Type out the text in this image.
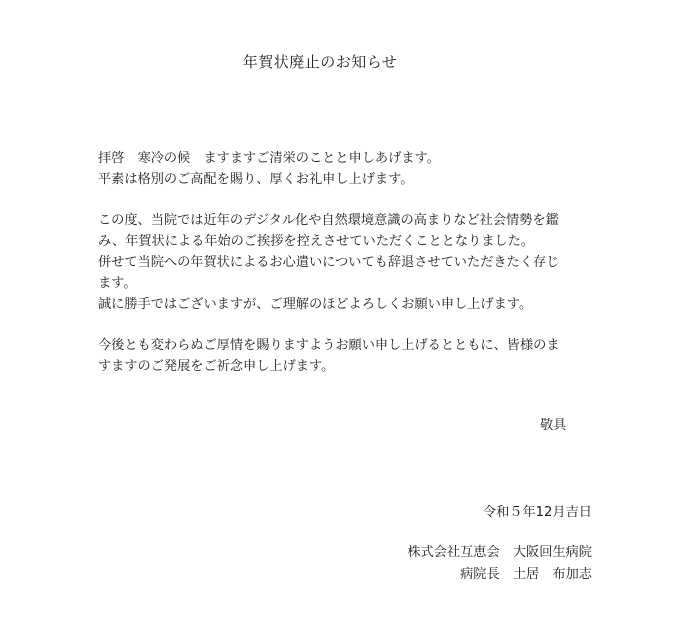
年賀状廃止のお知らせ
拝啓　寒冷の候　ますますご清栄のことと申しあげます。
平素は格別のご高配を賜り、厚くお礼申し上げます。
この度、当院では近年のデジタル化や自然環境意識の高まりなど社会情勢を鑑
み、年賀状による年始のご挨拶を控えさせていただくこととなりました。
併せて当院への年賀状によるお心遣いについても辞退させていただきたく存じ
ます。
誠に勝手ではございますが、ご理解のほどよろしくお願い申し上げます。
今後とも変わらぬご厚情を賜りますようお願い申し上げるとともに、皆様のま
すますのご発展をご祈念申し上げます。
敬具
令和５年12月吉日
株式会社互恵会　大阪回生病院
病院長　土居　布加志
